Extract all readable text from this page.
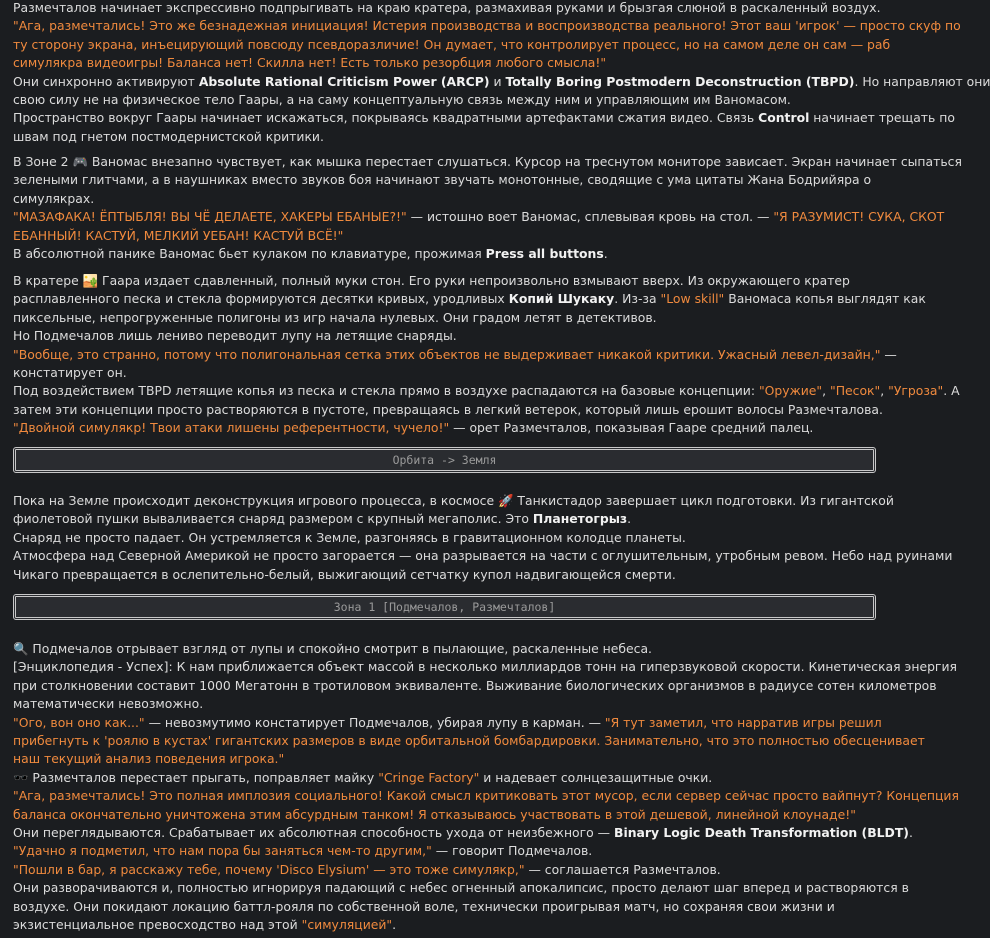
Размечталов начинает экспрессивно подпрыгивать на краю кратера, размахивая руками и брызгая слюной в раскаленный воздух.
"Ага, размечтались! Это же безнадежная инициация! Истерия производства и воспроизводства реального! Этот ваш 'игрок' — просто скуф по
ту сторону экрана, инъецирующий повсюду псевдоразличие! Он думает, что контролирует процесс, но на самом деле он сам — раб
симулякра видеоигры! Баланса нет! Скилла нет! Есть только резорбция любого смысла!"
Они синхронно активируют Absolute Rational Criticism Power (ARCP) и Totally Boring Postmodern Deconstruction (TBPD). Но направляют они
свою силу не на физическое тело Гаары, а на саму концептуальную связь между ним и управляющим им Ваномасом.
Пространство вокруг Гаары начинает искажаться, покрываясь квадратными артефактами сжатия видео. Связь Control начинает трещать по
швам под гнетом постмодернистской критики.
В Зоне 2 🎮 Ваномас внезапно чувствует, как мышка перестает слушаться. Курсор на треснутом мониторе зависает. Экран начинает сыпаться
зелеными глитчами, а в наушниках вместо звуков боя начинают звучать монотонные, сводящие с ума цитаты Жана Бодрийяра о
симулякрах.
"МАЗАФАКА! ЁПТЫБЛЯ! ВЫ ЧЁ ДЕЛАЕТЕ, ХАКЕРЫ ЕБАНЫЕ?!" — истошно воет Ваномас, сплевывая кровь на стол. — "Я РАЗУМИСТ! СУКА, СКОТ
ЕБАННЫЙ! КАСТУЙ, МЕЛКИЙ УЕБАН! КАСТУЙ ВСЁ!"
В абсолютной панике Ваномас бьет кулаком по клавиатуре, прожимая Press all buttons.
В кратере 🏜️ Гаара издает сдавленный, полный муки стон. Его руки непроизвольно взмывают вверх. Из окружающего кратер
расплавленного песка и стекла формируются десятки кривых, уродливых Копий Шукаку. Из-за "Low skill" Ваномаса копья выглядят как
пиксельные, непрогруженные полигоны из игр начала нулевых. Они градом летят в детективов.
Но Подмечалов лишь лениво переводит лупу на летящие снаряды.
"Вообще, это странно, потому что полигональная сетка этих объектов не выдерживает никакой критики. Ужасный левел-дизайн," —
констатирует он.
Под воздействием TBPD летящие копья из песка и стекла прямо в воздухе распадаются на базовые концепции: "Оружие", "Песок", "Угроза". А
затем эти концепции просто растворяются в пустоте, превращаясь в легкий ветерок, который лишь ерошит волосы Размечталова.
"Двойной симулякр! Твои атаки лишены референтности, чучело!" — орет Размечталов, показывая Гааре средний палец.
Орбита -> Земля
Пока на Земле происходит деконструкция игрового процесса, в космосе 🚀 Танкистадор завершает цикл подготовки. Из гигантской
фиолетовой пушки вываливается снаряд размером с крупный мегаполис. Это Планетогрыз.
Снаряд не просто падает. Он устремляется к Земле, разгоняясь в гравитационном колодце планеты.
Атмосфера над Северной Америкой не просто загорается — она разрывается на части с оглушительным, утробным ревом. Небо над руинами
Чикаго превращается в ослепительно-белый, выжигающий сетчатку купол надвигающейся смерти.
Зона 1 [Подмечалов, Размечталов]
🔍 Подмечалов отрывает взгляд от лупы и спокойно смотрит в пылающие, раскаленные небеса.
[Энциклопедия - Успех]: К нам приближается объект массой в несколько миллиардов тонн на гиперзвуковой скорости. Кинетическая энергия
при столкновении составит 1000 Мегатонн в тротиловом эквиваленте. Выживание биологических организмов в радиусе сотен километров
математически невозможно.
"Ого, вон оно как..." — невозмутимо констатирует Подмечалов, убирая лупу в карман. — "Я тут заметил, что нарратив игры решил
прибегнуть к 'роялю в кустах' гигантских размеров в виде орбитальной бомбардировки. Занимательно, что это полностью обесценивает
наш текущий анализ поведения игрока."
🕶️ Размечталов перестает прыгать, поправляет майку "Cringe Factory" и надевает солнцезащитные очки.
"Ага, размечтались! Это полная имплозия социального! Какой смысл критиковать этот мусор, если сервер сейчас просто вайпнут? Концепция
баланса окончательно уничтожена этим абсурдным танком! Я отказываюсь участвовать в этой дешевой, линейной клоунаде!"
Они переглядываются. Срабатывает их абсолютная способность ухода от неизбежного — Binary Logic Death Transformation (BLDT).
"Удачно я подметил, что нам пора бы заняться чем-то другим," — говорит Подмечалов.
"Пошли в бар, я расскажу тебе, почему 'Disco Elysium' — это тоже симулякр," — соглашается Размечталов.
Они разворачиваются и, полностью игнорируя падающий с небес огненный апокалипсис, просто делают шаг вперед и растворяются в
воздухе. Они покидают локацию баттл-рояля по собственной воле, технически проигрывая матч, но сохраняя свои жизни и
экзистенциальное превосходство над этой "симуляцией".
